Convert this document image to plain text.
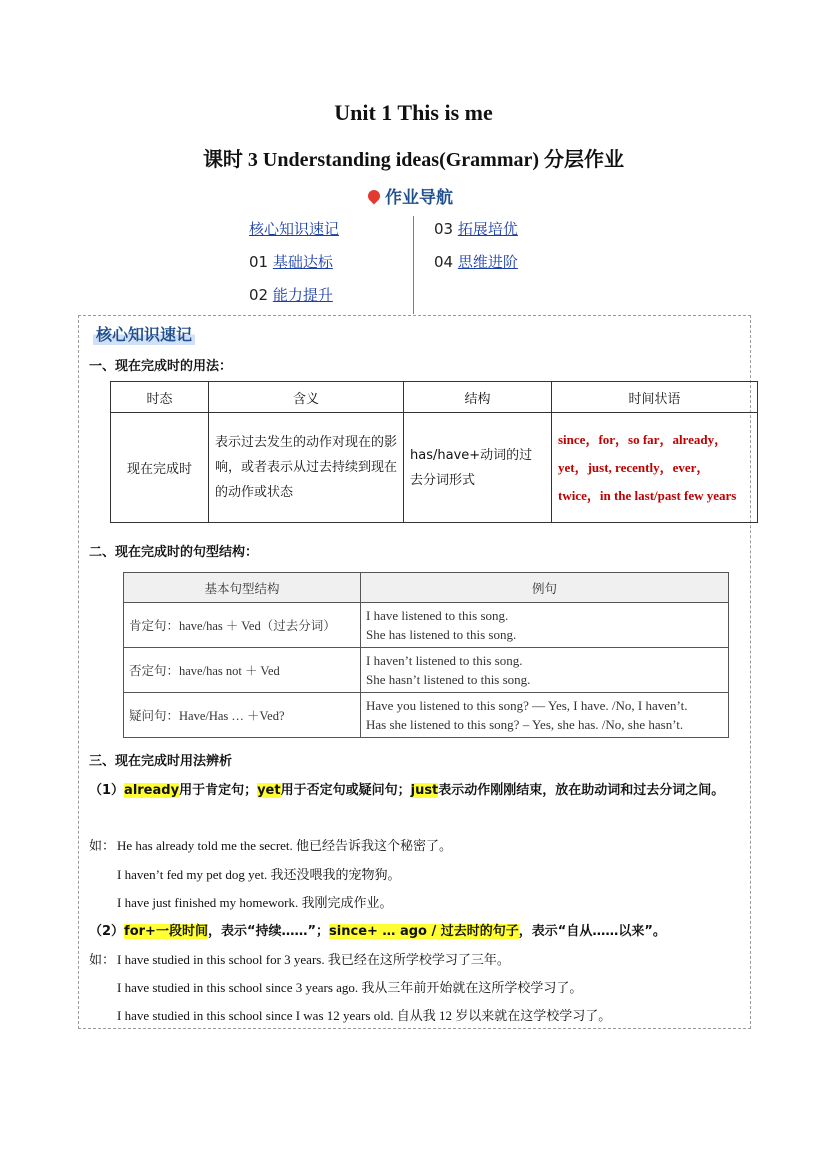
Unit 1 This is me
课时 3 Understanding ideas(Grammar) 分层作业
作业导航
核心知识速记
01 基础达标
02 能力提升
03 拓展培优
04 思维进阶
核心知识速记
一、现在完成时的用法：
时态	含义	结构	时间状语
现在完成时	表示过去发生的动作对现在的影响，或者表示从过去持续到现在的动作或状态	has/have+动词的过去分词形式	since，for，so far，already，yet，just, recently，ever，twice，in the last/past few years
二、现在完成时的句型结构：
基本句型结构	例句
肯定句：have/has ＋ Ved（过去分词）	I have listened to this song.
She has listened to this song.

否定句：have/has not ＋ Ved	I haven’t listened to this song.
She hasn’t listened to this song.

疑问句：Have/Has … ＋Ved?	Have you listened to this song? — Yes, I have. /No, I haven’t.
Has she listened to this song? – Yes, she has. /No, she hasn’t.
三、现在完成时用法辨析
（1）already用于肯定句；yet用于否定句或疑问句；just表示动作刚刚结束，放在助动词和过去分词之间。
如： He has already told me the secret. 他已经告诉我这个秘密了。
I haven’t fed my pet dog yet. 我还没喂我的宠物狗。
I have just finished my homework. 我刚完成作业。
（2）for+一段时间，表示“持续……”；since+ … ago / 过去时的句子，表示“自从……以来”。
如： I have studied in this school for 3 years. 我已经在这所学校学习了三年。
I have studied in this school since 3 years ago. 我从三年前开始就在这所学校学习了。
I have studied in this school since I was 12 years old. 自从我 12 岁以来就在这学校学习了。
